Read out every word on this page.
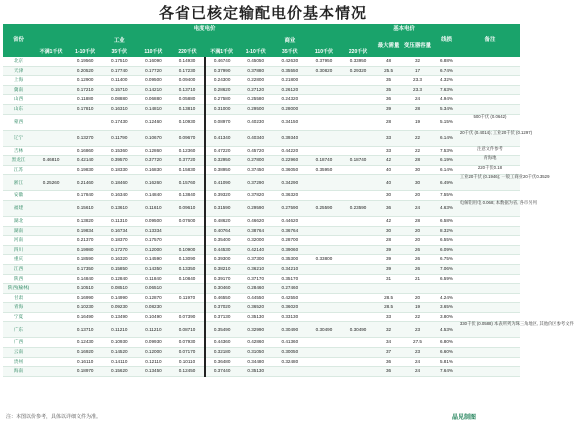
各省已核定输配电价基本情况
省份	电度电价										基本电价		线损	备注
	工业					商业					最大需量	变压器容量		
	不满1千伏	1-10千伏	35千伏	110千伏	220千伏	不满1千伏	1-10千伏	35千伏	110千伏	220千伏				
北京		0.19560	0.17510	0.16090	0.14930	0.46740	0.45050	0.42630	0.37950	0.33950	48	32	6.88%	
天津		0.20520	0.17740	0.17720	0.17230	0.37990	0.37880	0.35550	0.30820	0.29320	25.5	17	6.74%	
上海		0.12900	0.11400	0.09500	0.09400	0.24300	0.22800	0.21800			35	23.3	4.32%	
冀南		0.17210	0.15710	0.14210	0.13710	0.28620	0.27120	0.26120			35	23.3	7.63%	
山西		0.11880	0.08880	0.06880	0.05880	0.27580	0.25580	0.24320			36	24	4.94%	
山东		0.17810	0.16310	0.14810	0.13810	0.31000	0.29500	0.28000			39	28	5.34%	
蒙西			0.17430	0.12460	0.10930	0.08970	0.40230	0.34150			28	19	5.15%	500千伏 (0.0642)
辽宁		0.13270	0.11790	0.10670	0.09670	0.41340	0.40340	0.39340			33	22	6.14%	20千伏 (0.4014); 工业20千伏 (0.1297)
吉林		0.16860	0.15360	0.12860	0.12360	0.47220	0.45720	0.44220			33	22	7.53%	注意文件参考
黑龙江	0.46810	0.42140	0.39570	0.37720	0.37720	0.32950	0.27800	0.22960	0.18740	0.18740	42	28	6.19%	青海地
江苏		0.19830	0.18330	0.16830	0.15830	0.38950	0.37450	0.36050	0.35950		40	30	6.14%	220千伏0.18
浙江	0.25260	0.21460	0.18460	0.16260	0.15760	0.41090	0.37290	0.34290			40	30	6.49%	工业20千伏 (0.1946); 一般工商业20千伏0.3529
安徽		0.17840	0.16340	0.14840	0.13840	0.39320	0.37820	0.36320			30	20	7.55%	
福建		0.15610	0.13610	0.11610	0.09610	0.31590	0.29590	0.27590	0.25590	0.23590	36	24	4.63%	电解铝用电 0.068; 本数据为省, 各市另列
湖北		0.13820	0.11310	0.09500	0.07600	0.48620	0.46620	0.44620			42	28	6.58%	
湖南		0.19834	0.16734	0.13334		0.40764	0.38764	0.36764			30	20	8.32%	
河南		0.21370	0.18370	0.17570		0.35400	0.32000	0.28700			28	20	6.55%	
四川		0.19980	0.17270	0.12000	0.10900	0.44530	0.42140	0.39060			39	26	6.09%	
重庆		0.18590	0.16320	0.14590	0.13090	0.39300	0.37300	0.35300	0.33800		39	26	6.75%	
江西		0.17350	0.15850	0.14350	0.13350	0.38210	0.36210	0.34210			39	26	7.06%	
陕西		0.14840	0.12840	0.11840	0.10840	0.39170	0.37170	0.35170			31	21	6.59%	
陕西(榆林)		0.10510	0.08510	0.06510		0.30460	0.28460	0.27460						
甘肃		0.16990	0.14990	0.12870	0.11970	0.46550	0.44550	0.42550			28.5	20	4.24%	
青海		0.10230	0.09230	0.08230		0.37020	0.36520	0.36020			28.5	19	3.65%	
宁夏		0.16490	0.13490	0.10490	0.07390	0.37130	0.35130	0.33130			33	22	3.80%	
广东		0.13710	0.11210	0.11210	0.08710	0.35490	0.32990	0.30490	0.30490	0.30490	32	23	4.53%	330千伏 (0.0588) 本表所列为珠三角地区, 其他价区参考文件
广西		0.12430	0.10930	0.09930	0.07930	0.44360	0.42860	0.41360			34	27.5	6.80%	
云南		0.16920	0.14520	0.12000	0.07170	0.32180	0.31050	0.30050			37	23	6.60%	
贵州		0.16110	0.14110	0.12110	0.10110	0.36480	0.34480	0.32480			36	24	5.81%	
海南		0.18970	0.15620	0.13450	0.12450	0.37440	0.35130				36	24	7.64%	
注：本图以价参考，具体以详细文件为准。	晶见制图
